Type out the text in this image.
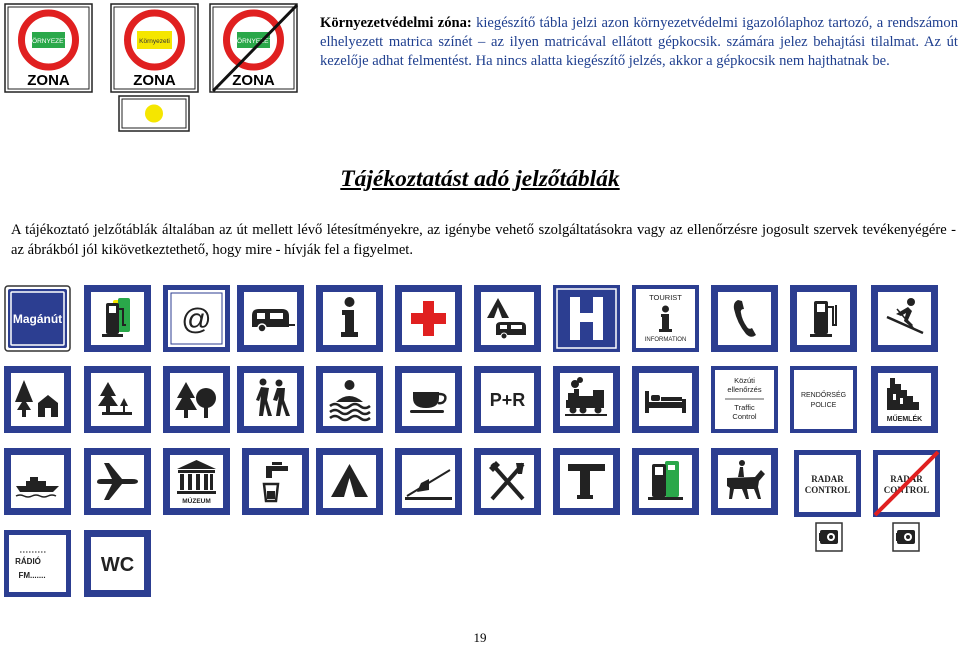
KÖRNYEZETI
ZONA
Környezeti
ZONA
KÖRNYEZETI
ZONA
Környezetvédelmi zóna: kiegészítő tábla jelzi azon környezetvédelmi igazolólaphoz tartozó, a rendszámon elhelyezett matrica színét – az ilyen matricával ellátott gépkocsik. számára jelez behajtási tilalmat. Az út kezelője adhat felmentést. Ha nincs alatta kiegészítő jelzés, akkor a gépkocsik nem hajthatnak be.
Tájékoztatást adó jelzőtáblák
A tájékoztató jelzőtáblák általában az út mellett lévő létesítményekre, az igénybe vehető szolgáltatásokra vagy az ellenőrzésre jogosult szervek tevékenyégére - az ábrákból jól kikövetkeztethető, hogy mire - hívják fel a figyelmet.
Magánút	@
TOURIST
INFORMATION
P+R
Közúti
ellenőrzés
Traffic
Control
RENDŐRSÉG
POLICE
MŰEMLÉK
MÚZEUM
RADAR
CONTROL
RADAR
CONTROL
RÁDIÓ
FM.......	WC
19
